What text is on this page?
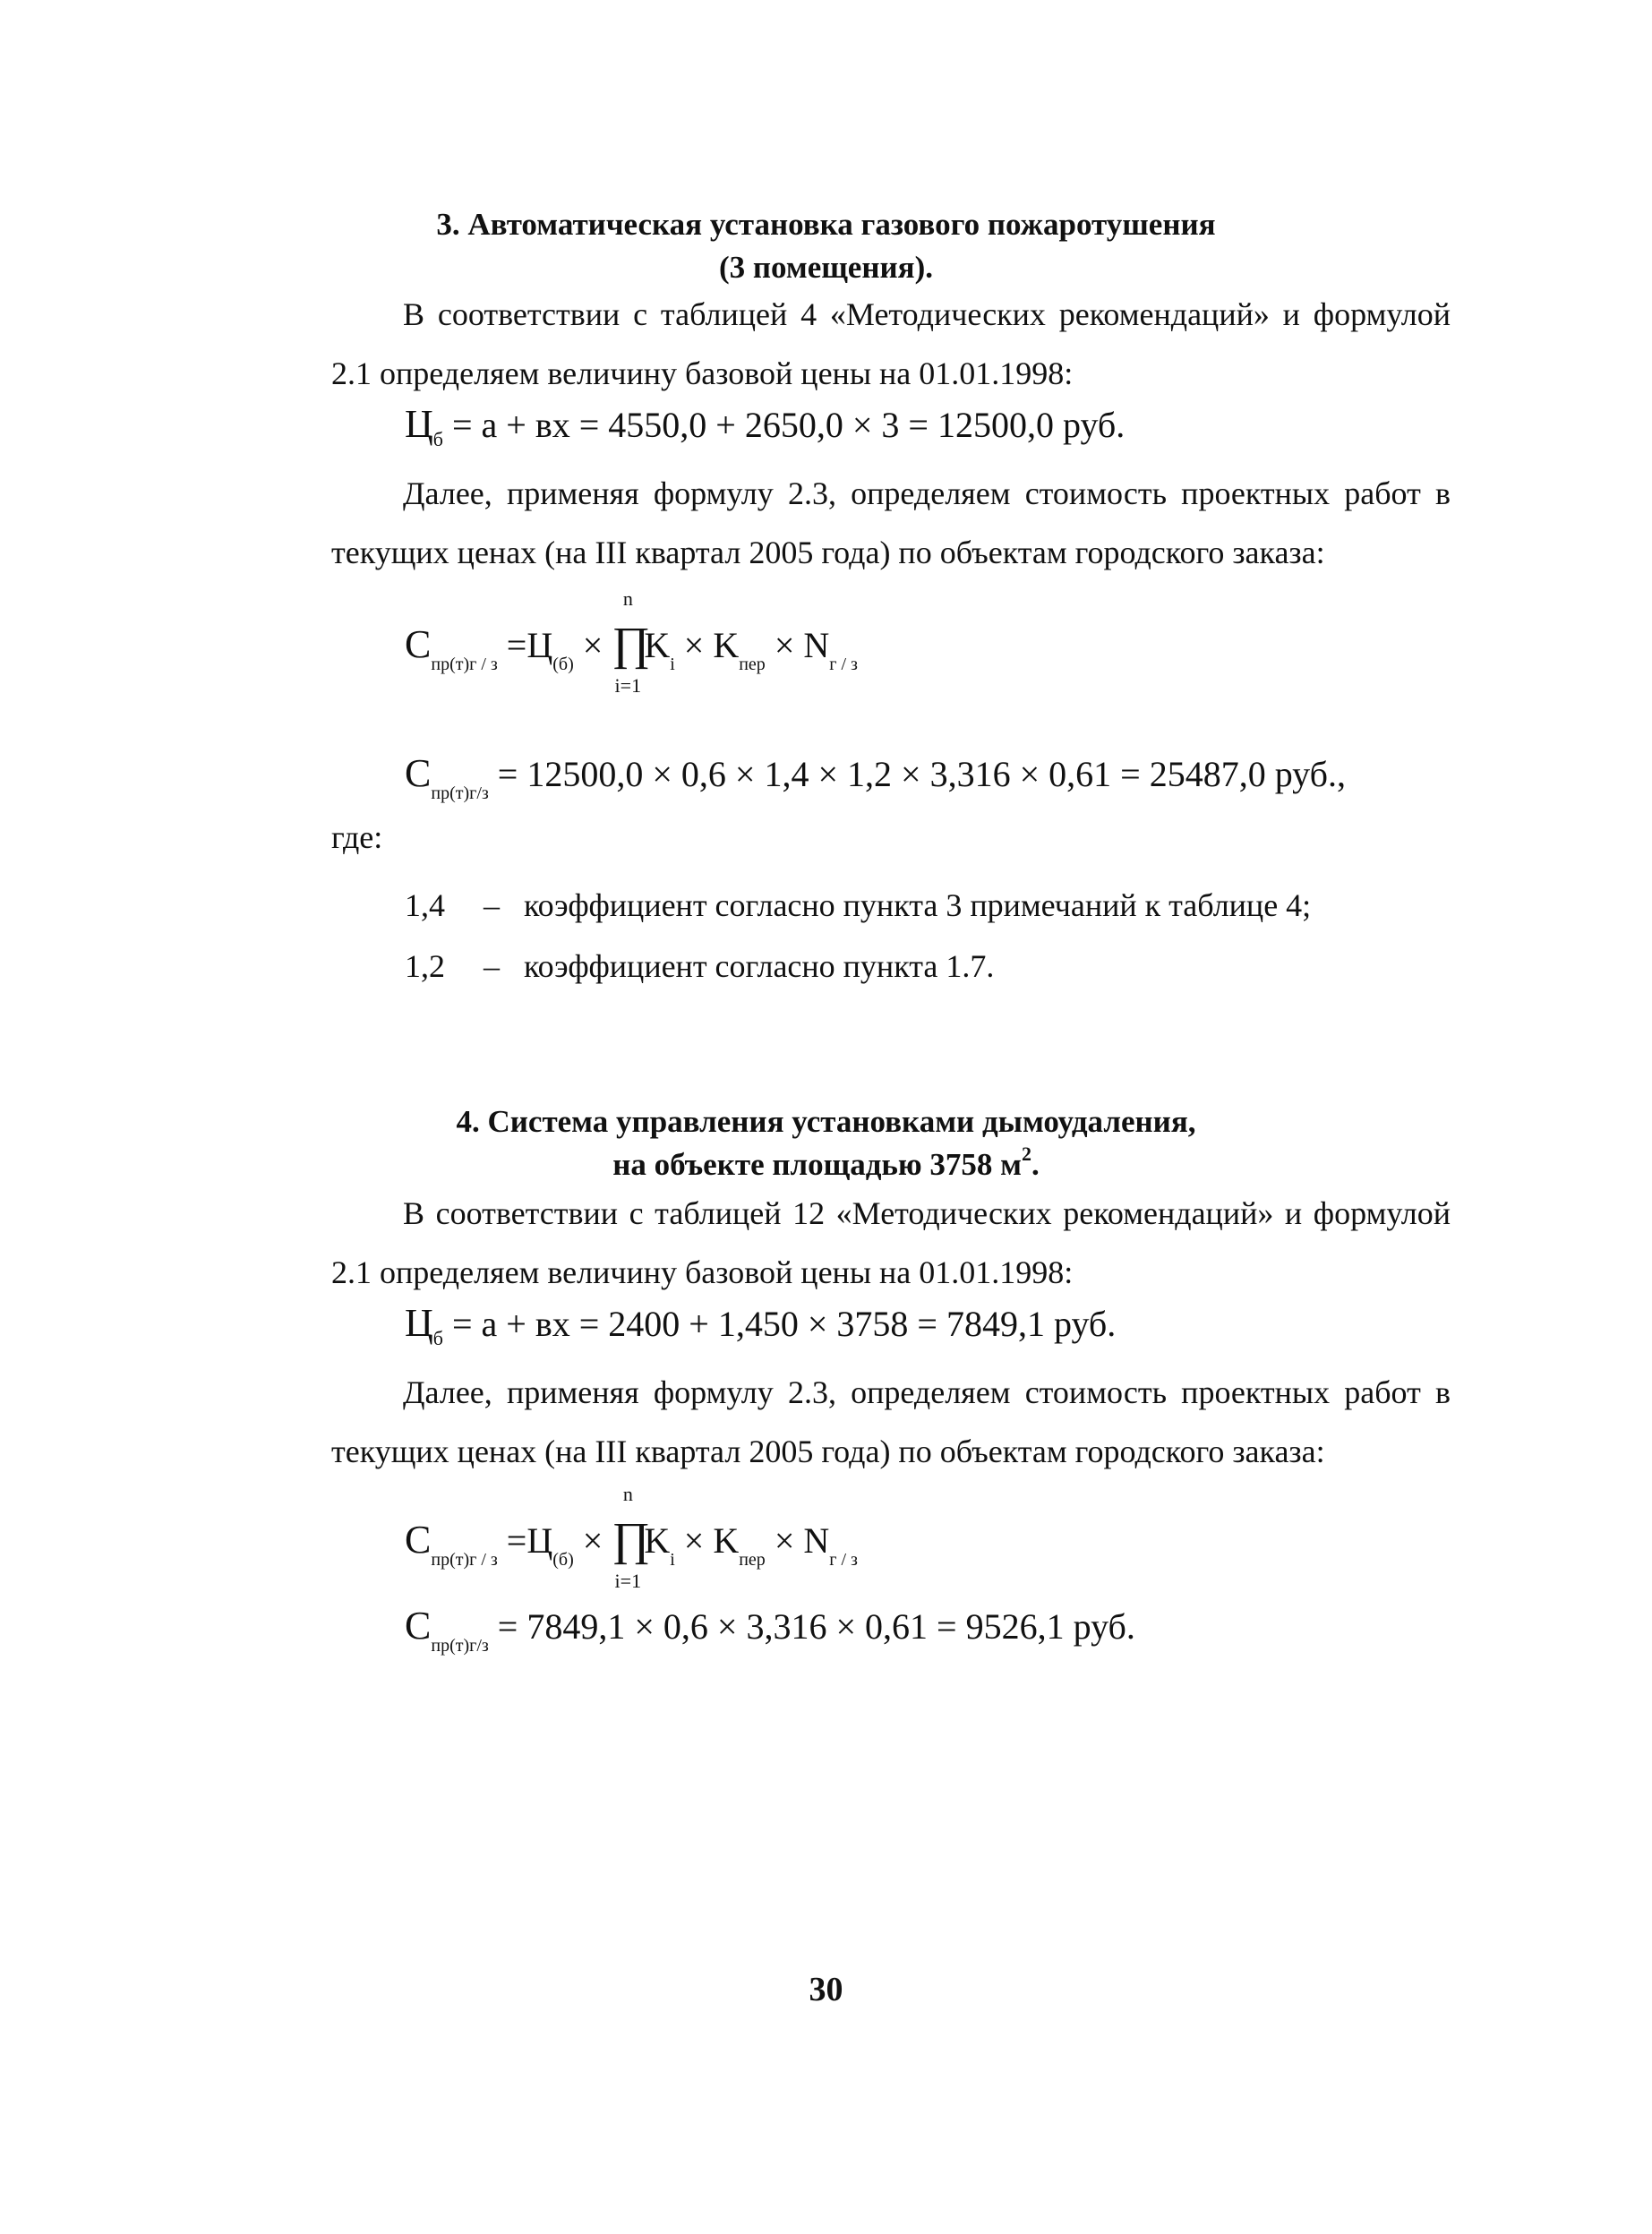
3. Автоматическая установка газового пожаротушения
(3 помещения).
В соответствии с таблицей 4 «Методических рекомендаций» и формулой 2.1 определяем величину базовой цены на 01.01.1998:
$Ц_б = а$ + вх = 4550,0 + 2650,0 × 3 = 12500,0 руб.
Далее, применяя формулу 2.3, определяем стоимость проектных работ в текущих ценах (на III квартал 2005 года) по объектам городского заказа:
$С_{пр(т)г / з} =Ц_{(б)}$ ×
n
∏
i=1
$K_i \times K_{пер} \times N_{г / з}$
$С_{пр(т)г/з} = 12500,0 \times 0,6 \times 1,4 \times 1,2 \times 3,316 \times 0,61 = 25487,0$ руб.,
где:
1,4 – коэффициент согласно пункта 3 примечаний к таблице 4;
1,2 – коэффициент согласно пункта 1.7.
4. Система управления установками дымоудаления,
на объекте площадью 3758 $м^2$.
В соответствии с таблицей 12 «Методических рекомендаций» и формулой 2.1 определяем величину базовой цены на 01.01.1998:
$Ц_б = а$ + вх = 2400 + 1,450 × 3758 = 7849,1 руб.
Далее, применяя формулу 2.3, определяем стоимость проектных работ в текущих ценах (на III квартал 2005 года) по объектам городского заказа:
$С_{пр(т)г / з} =Ц_{(б)}$ ×
n
∏
i=1
$K_i \times K_{пер} \times N_{г / з}$
$С_{пр(т)г/з} = 7849,1 \times 0,6 \times 3,316 \times 0,61 = 9526,1$ руб.
30
